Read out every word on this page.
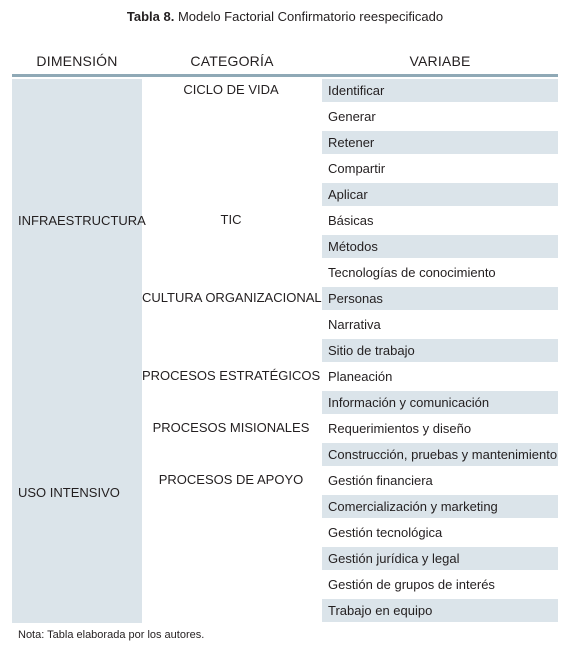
Tabla 8. Modelo Factorial Confirmatorio reespecificado
DIMENSIÓN	CATEGORÍA	VARIABE
INFRAESTRUCTURA
USO INTENSIVO
CICLO DE VIDA
TIC
CULTURA ORGANIZACIONAL
PROCESOS ESTRATÉGICOS
PROCESOS MISIONALES
PROCESOS DE APOYO
Identificar
Generar
Retener
Compartir
Aplicar
Básicas
Métodos
Tecnologías de conocimiento
Personas
Narrativa
Sitio de trabajo
Planeación
Información y comunicación
Requerimientos y diseño
Construcción, pruebas y mantenimiento
Gestión financiera
Comercialización y marketing
Gestión tecnológica
Gestión jurídica y legal
Gestión de grupos de interés
Trabajo en equipo
Nota: Tabla elaborada por los autores.
